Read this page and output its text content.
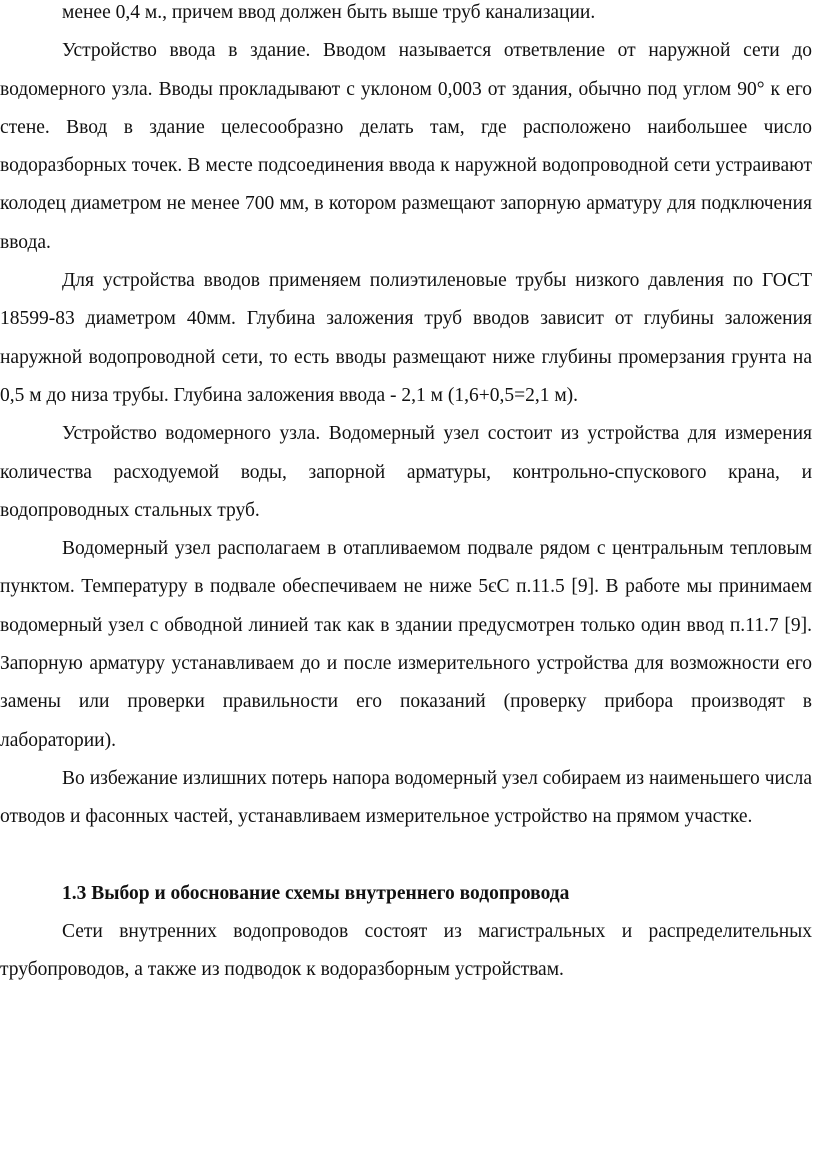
менее 0,4 м., причем ввод должен быть выше труб канализации.

Устройство ввода в здание. Вводом называется ответвление от наружной сети до водомерного узла. Вводы прокладывают с уклоном 0,003 от здания, обычно под углом 90° к его стене. Ввод в здание целесообразно делать там, где расположено наибольшее число водоразборных точек. В месте подсоединения ввода к наружной водопроводной сети устраивают колодец диаметром не менее 700 мм, в котором размещают запорную арматуру для подключения ввода.

Для устройства вводов применяем полиэтиленовые трубы низкого давления по ГОСТ 18599-83 диаметром 40мм. Глубина заложения труб вводов зависит от глубины заложения наружной водопроводной сети, то есть вводы размещают ниже глубины промерзания грунта на 0,5 м до низа трубы. Глубина заложения ввода - 2,1 м (1,6+0,5=2,1 м).

Устройство водомерного узла. Водомерный узел состоит из устройства для измерения количества расходуемой воды, запорной арматуры, контрольно-спускового крана, и водопроводных стальных труб.

Водомерный узел располагаем в отапливаемом подвале рядом с центральным тепловым пунктом. Температуру в подвале обеспечиваем не ниже 5єС п.11.5 [9]. В работе мы принимаем водомерный узел с обводной линией так как в здании предусмотрен только один ввод п.11.7 [9]. Запорную арматуру устанавливаем до и после измерительного устройства для возможности его замены или проверки правильности его показаний (проверку прибора производят в лаборатории).

Во избежание излишних потерь напора водомерный узел собираем из наименьшего числа отводов и фасонных частей, устанавливаем измерительное устройство на прямом участке.

1.3 Выбор и обоснование схемы внутреннего водопровода

Сети внутренних водопроводов состоят из магистральных и распределительных трубопроводов, а также из подводок к водоразборным устройствам.
